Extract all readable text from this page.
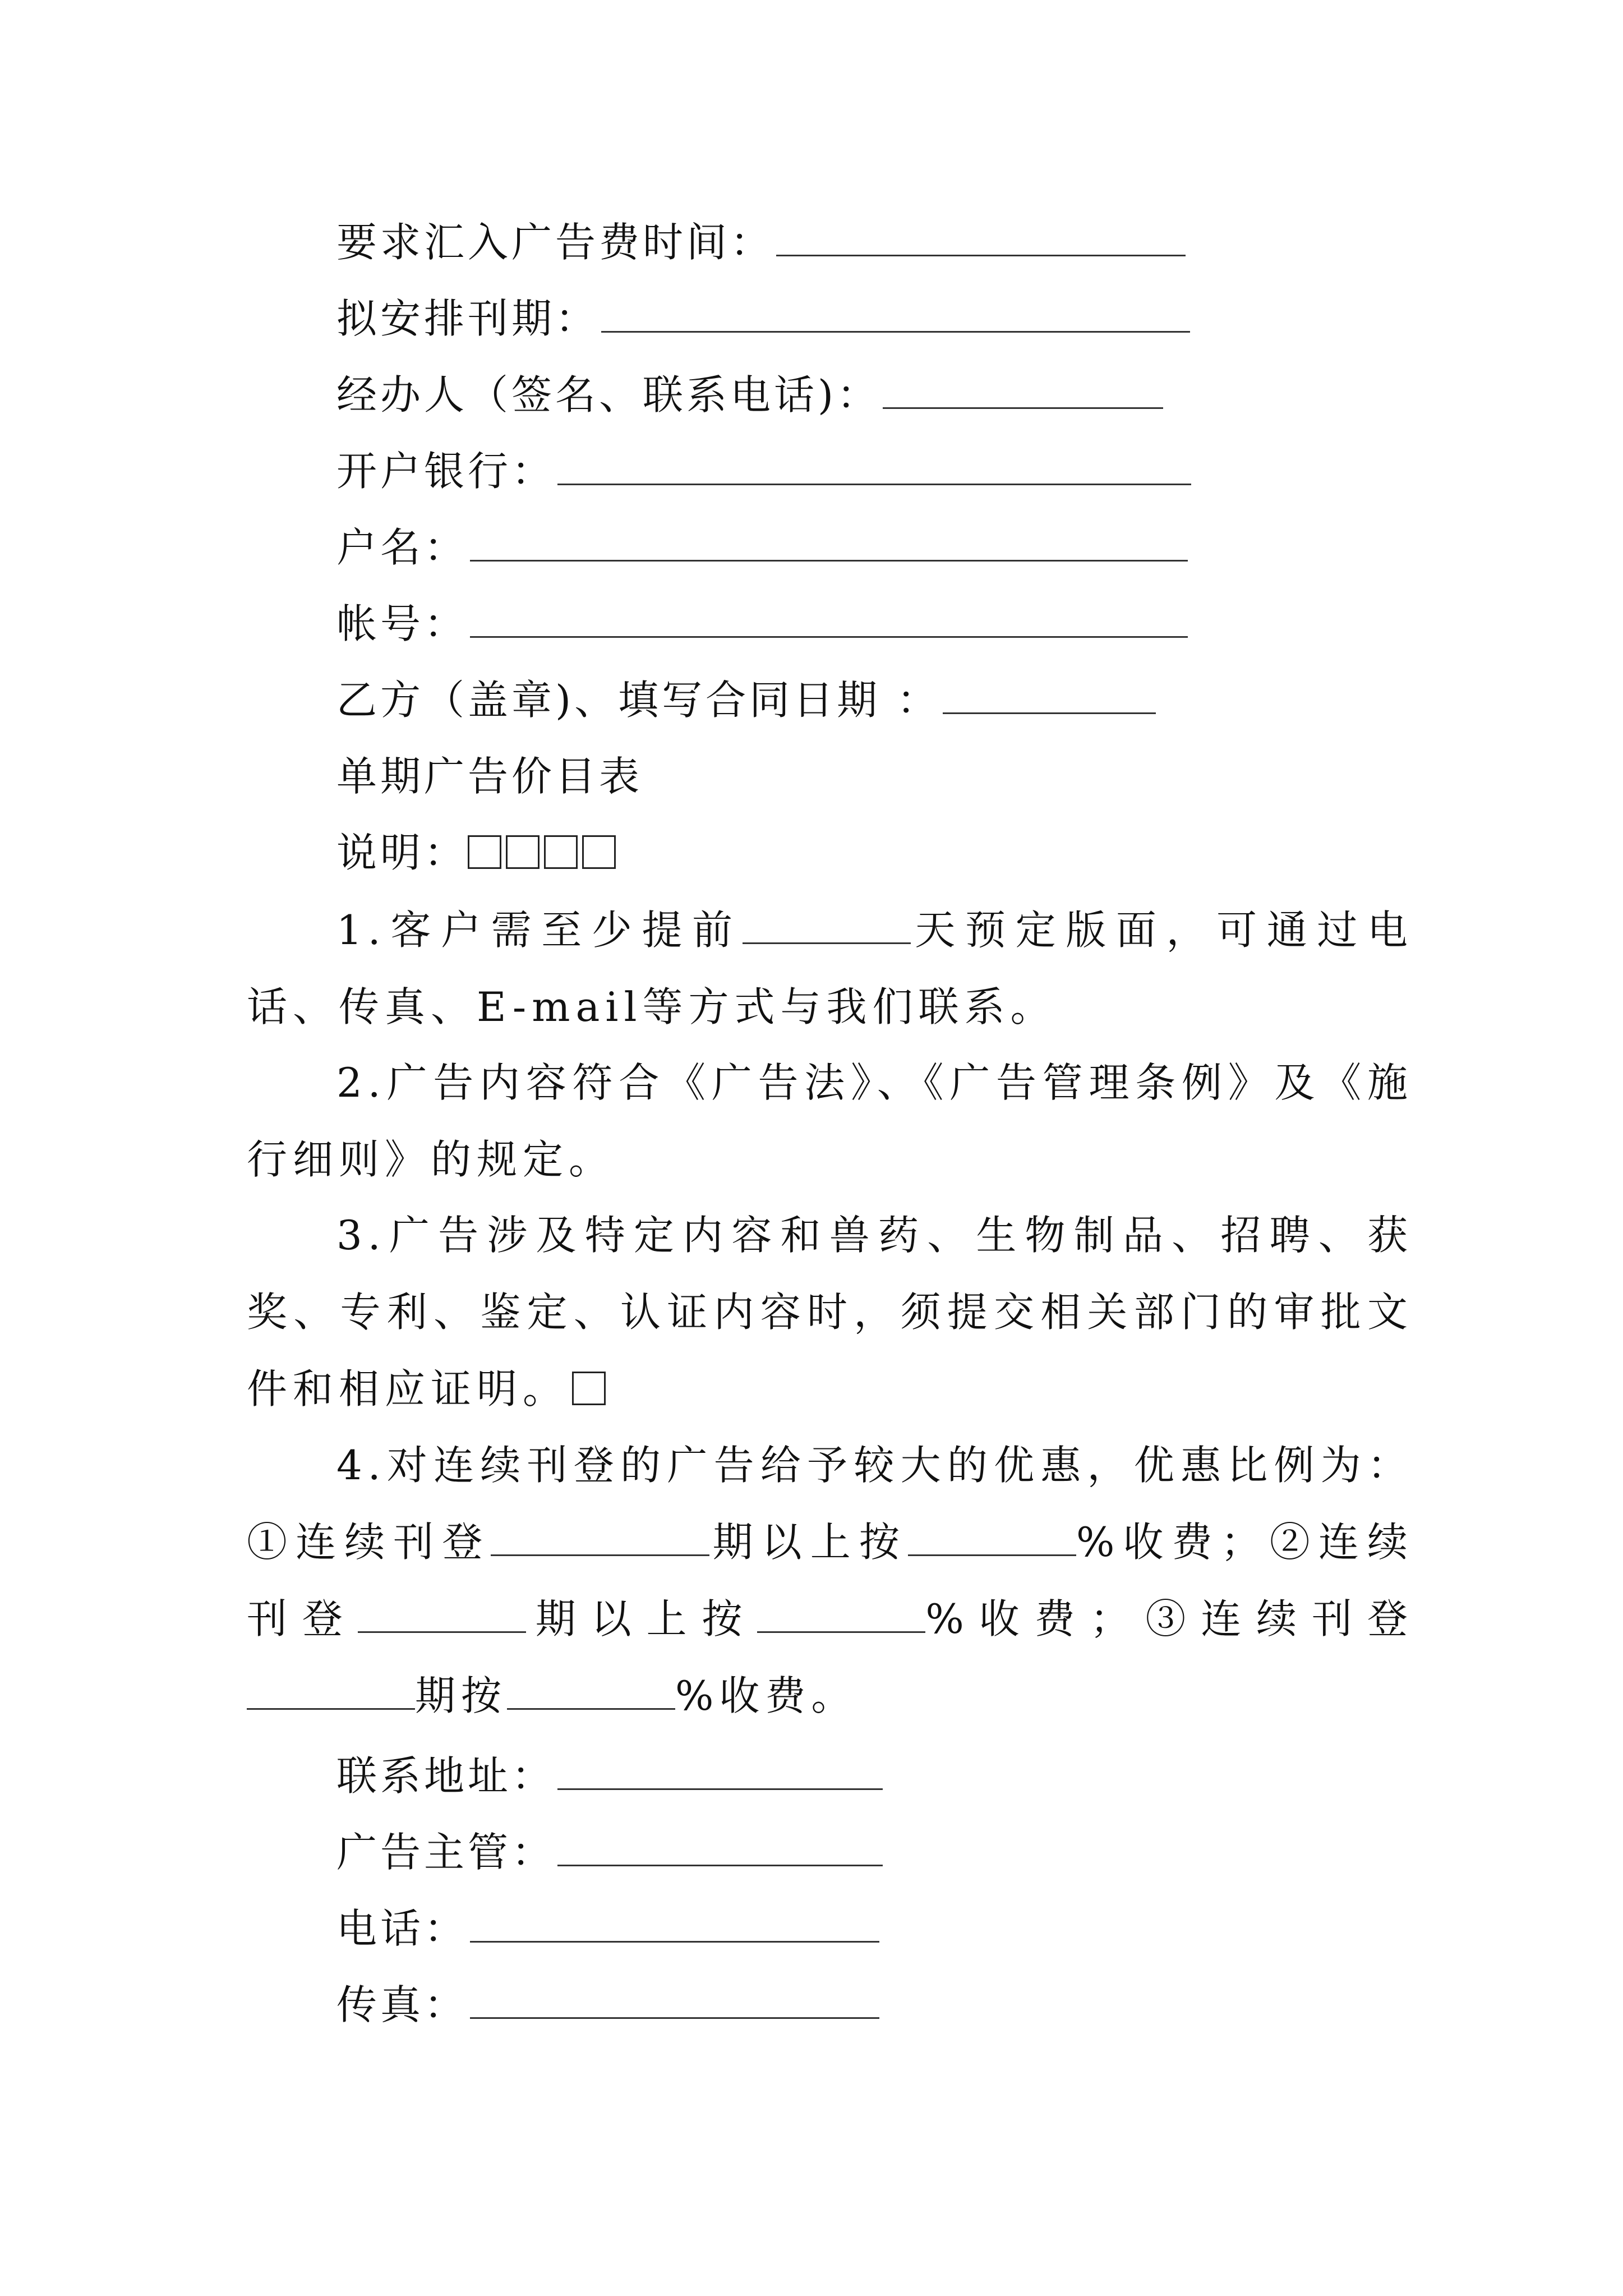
要求汇入广告费时间：
拟安排刊期：
经办人（签名、联系电话)：
开户银行：
户名：
帐号：
乙方（盖章)、填写合同日期 ：
单期广告价目表
说明：
1.客户需至少提前	天预定版面，可通过电话、传真、E-mail等方式与我们联系。
2.广告内容符合《广告法》、《广告管理条例》及《施行细则》的规定。
3.广告涉及特定内容和兽药、生物制品、招聘、获奖、专利、鉴定、认证内容时，须提交相关部门的审批文件和相应证明。
4.对连续刊登的广告给予较大的优惠，优惠比例为：①连续刊登	期以上按	%收费；②连续刊登	期以上按	%收费；③连续刊登期按	%收费。
联系地址：
广告主管：
电话：
传真：
